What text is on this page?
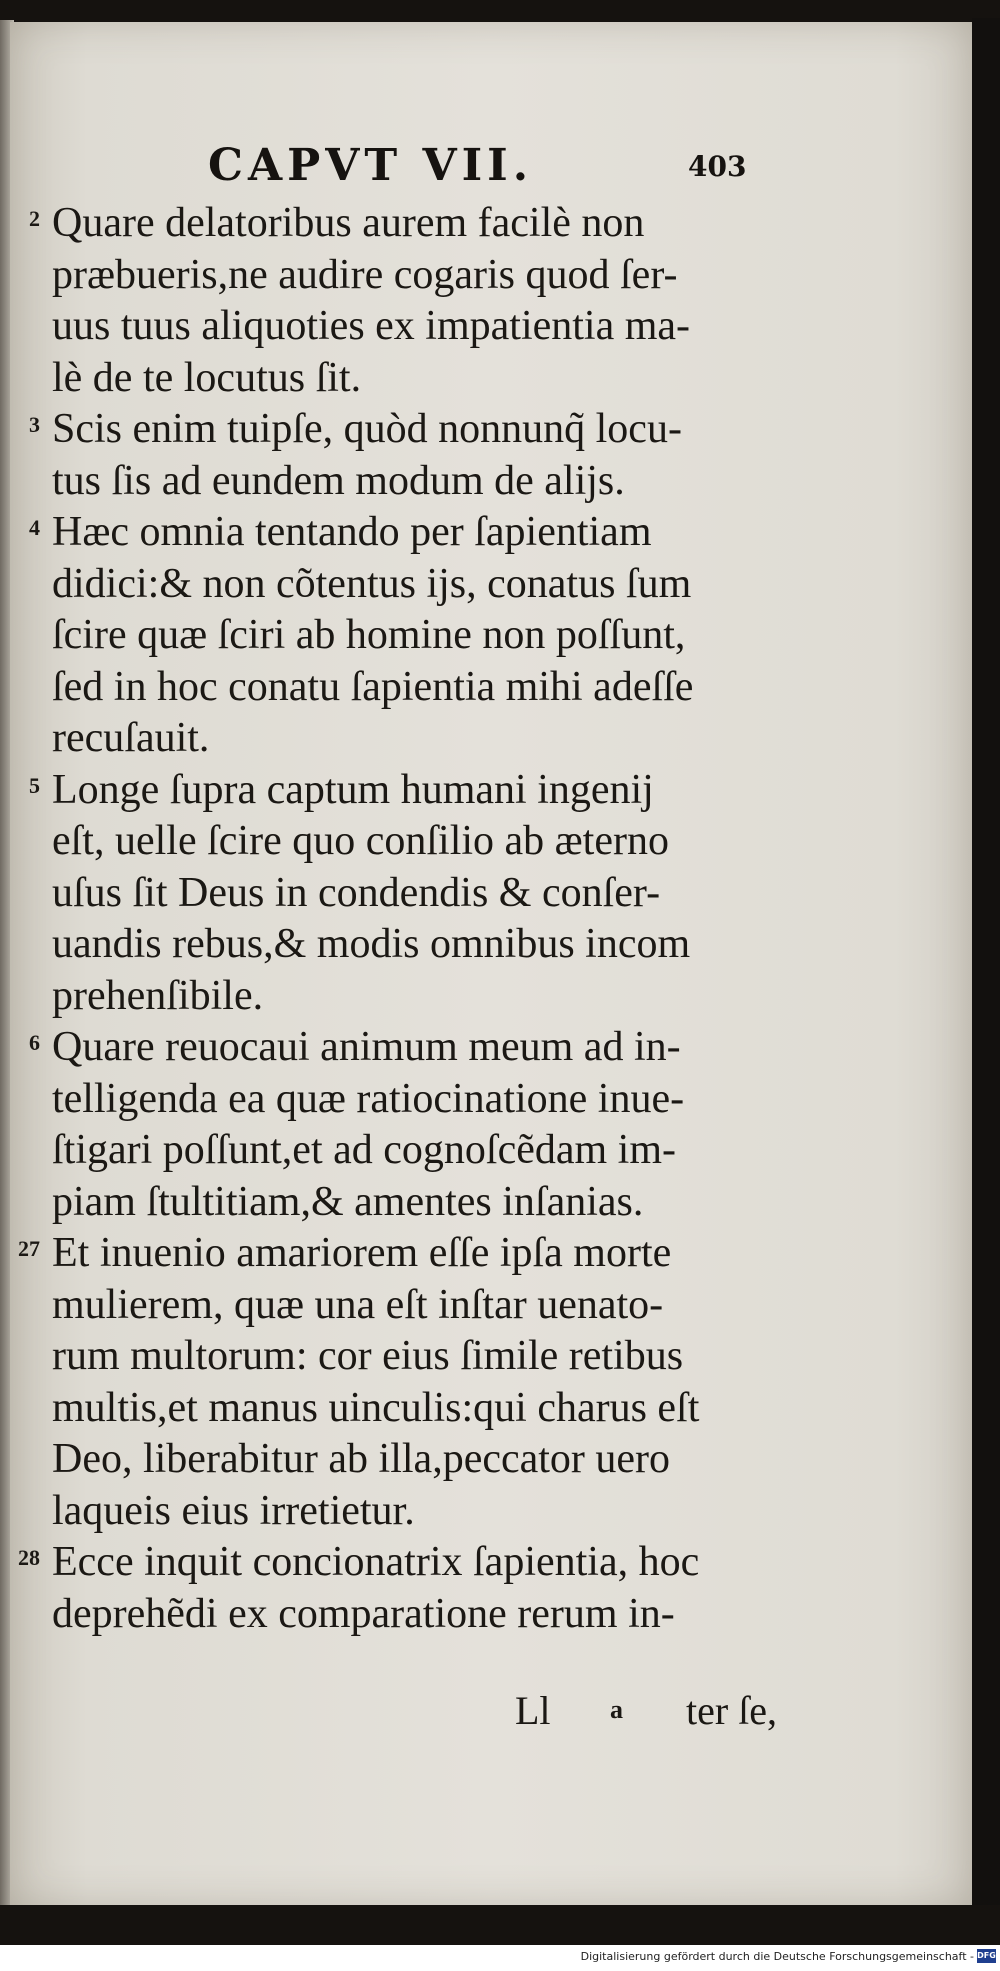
CAPVT VII.	403
2 Quare delatoribus aurem facilè non
præbueris,ne audire cogaris quod ſer-
uus tuus aliquoties ex impatientia ma-
lè de te locutus ſit.
3 Scis enim tuipſe, quòd nonnunq̃ locu-
tus ſis ad eundem modum de alijs.
4 Hæc omnia tentando per ſapientiam
didici:& non cõtentus ijs, conatus ſum
ſcire quæ ſciri ab homine non poſſunt,
ſed in hoc conatu ſapientia mihi adeſſe
recuſauit.
5 Longe ſupra captum humani ingenij
eſt, uelle ſcire quo conſilio ab æterno
uſus ſit Deus in condendis & conſer-
uandis rebus,& modis omnibus incom
prehenſibile.
6 Quare reuocaui animum meum ad in-
telligenda ea quæ ratiocinatione inue-
ſtigari poſſunt,et ad cognoſcẽdam im-
piam ſtultitiam,& amentes inſanias.
27 Et inuenio amariorem eſſe ipſa morte
mulierem, quæ una eſt inſtar uenato-
rum multorum: cor eius ſimile retibus
multis,et manus uinculis:qui charus eſt
Deo, liberabitur ab illa,peccator uero
laqueis eius irretietur.
28 Ecce inquit concionatrix ſapientia, hoc
deprehẽdi ex comparatione rerum in-
Ll a ter ſe,
Digitalisierung gefördert durch die Deutsche Forschungsgemeinschaft - DFG
